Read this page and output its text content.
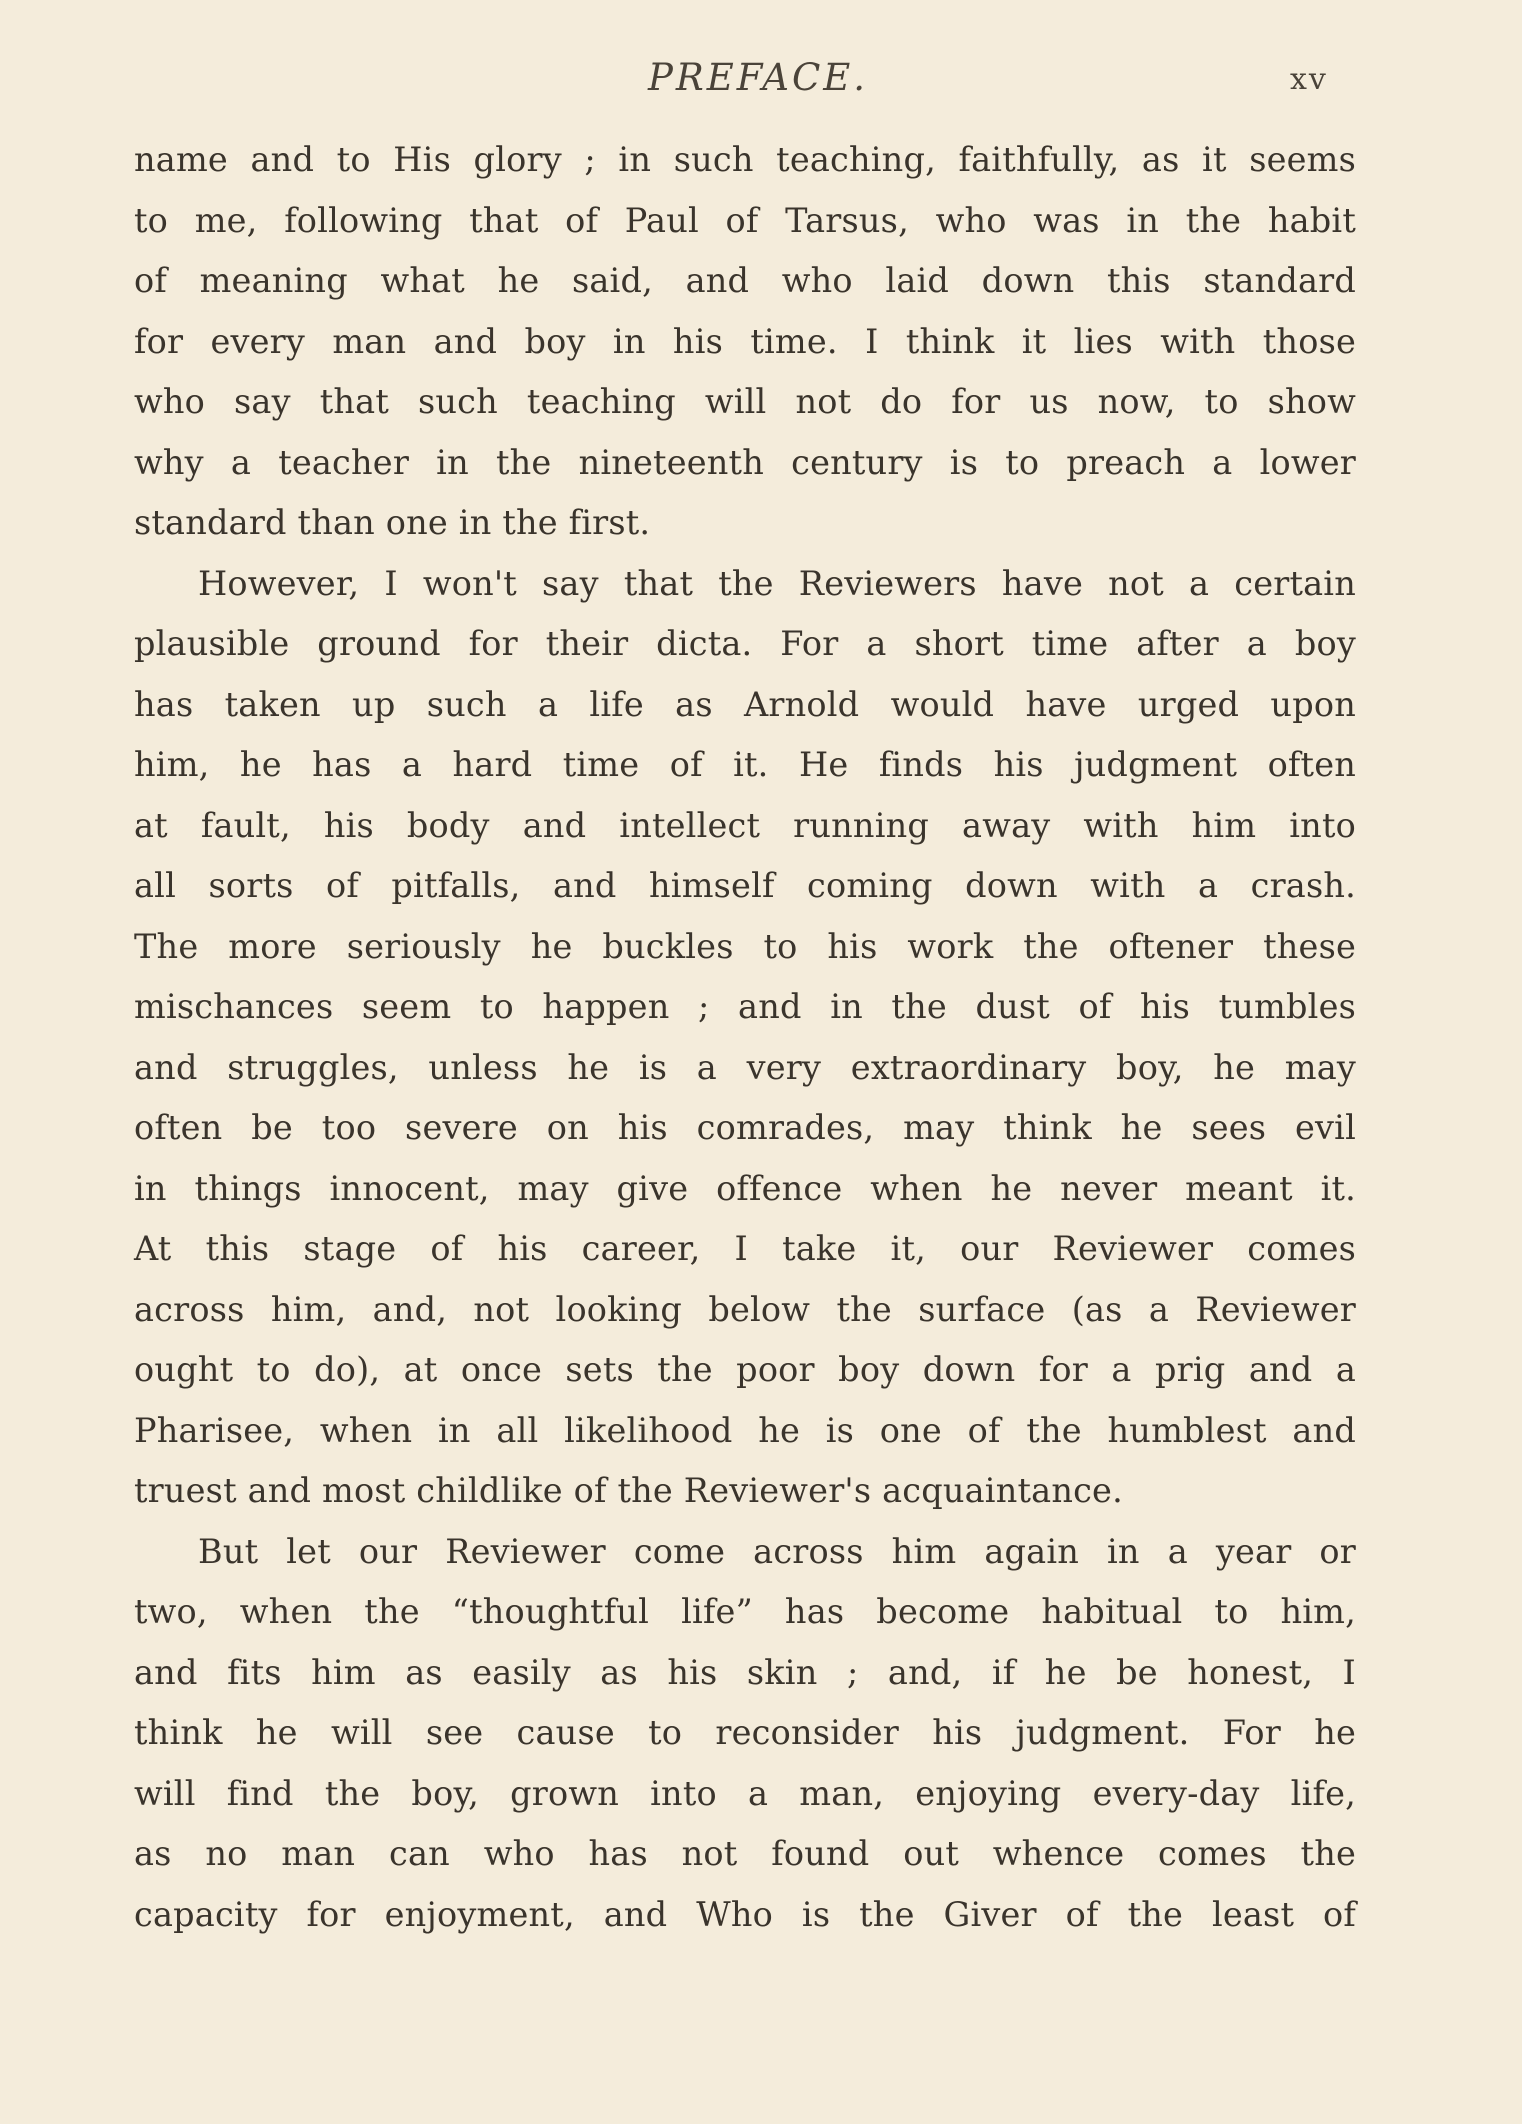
PREFACE.	xv
name and to His glory ; in such teaching, faithfully, as it seems
to me, following that of Paul of Tarsus, who was in the habit
of meaning what he said, and who laid down this standard
for every man and boy in his time. I think it lies with those
who say that such teaching will not do for us now, to show
why a teacher in the nineteenth century is to preach a lower
standard than one in the first.
However, I won't say that the Reviewers have not a certain
plausible ground for their dicta. For a short time after a boy
has taken up such a life as Arnold would have urged upon
him, he has a hard time of it. He finds his judgment often
at fault, his body and intellect running away with him into
all sorts of pitfalls, and himself coming down with a crash.
The more seriously he buckles to his work the oftener these
mischances seem to happen ; and in the dust of his tumbles
and struggles, unless he is a very extraordinary boy, he may
often be too severe on his comrades, may think he sees evil
in things innocent, may give offence when he never meant it.
At this stage of his career, I take it, our Reviewer comes
across him, and, not looking below the surface (as a Reviewer
ought to do), at once sets the poor boy down for a prig and a
Pharisee, when in all likelihood he is one of the humblest and
truest and most childlike of the Reviewer's acquaintance.
But let our Reviewer come across him again in a year or
two, when the “thoughtful life” has become habitual to him,
and fits him as easily as his skin ; and, if he be honest, I
think he will see cause to reconsider his judgment. For he
will find the boy, grown into a man, enjoying every-day life,
as no man can who has not found out whence comes the
capacity for enjoyment, and Who is the Giver of the least of
